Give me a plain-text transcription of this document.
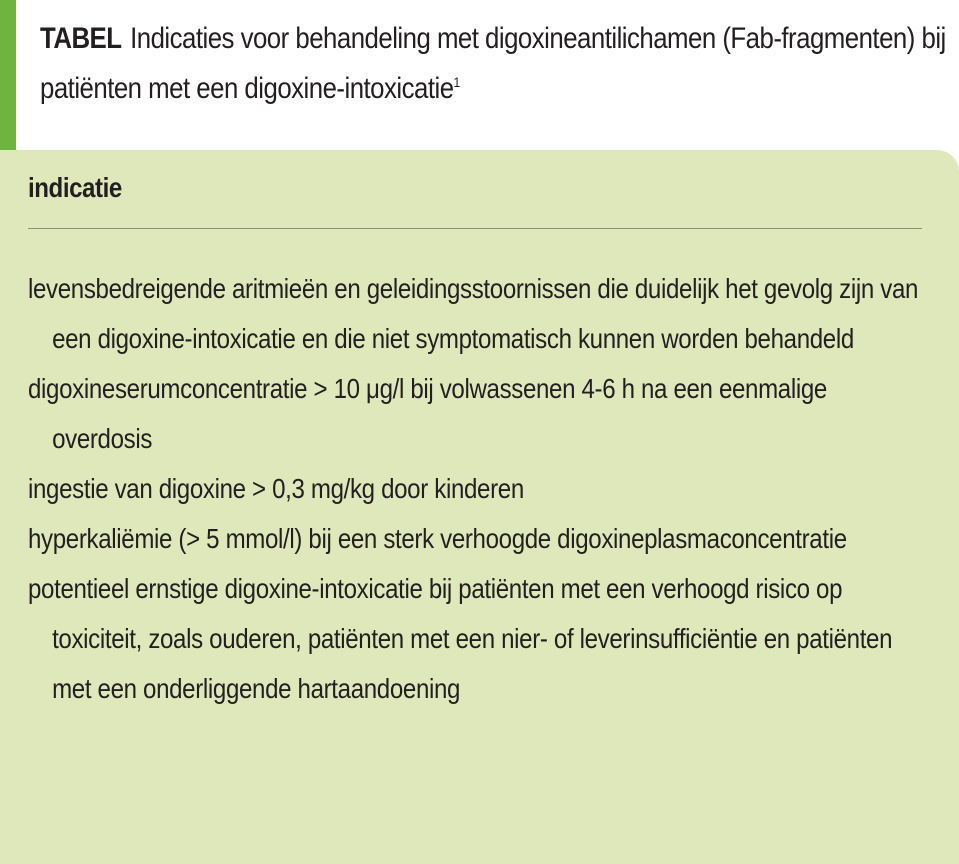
TABEL Indicaties voor behandeling met digoxineantilichamen (Fab-fragmenten) bij patiënten met een digoxine-intoxicatie$^1$
indicatie
levensbedreigende aritmieën en geleidingsstoornissen die duidelijk het gevolg zijn van een digoxine-intoxicatie en die niet symptomatisch kunnen worden behandeld
digoxineserumconcentratie > 10 μg/l bij volwassenen 4-6 h na een eenmalige overdosis
ingestie van digoxine > 0,3 mg/kg door kinderen
hyperkaliëmie (> 5 mmol/l) bij een sterk verhoogde digoxineplasmaconcentratie
potentieel ernstige digoxine-intoxicatie bij patiënten met een verhoogd risico op toxiciteit, zoals ouderen, patiënten met een nier- of leverinsufficiëntie en patiënten met een onderliggende hartaandoening
